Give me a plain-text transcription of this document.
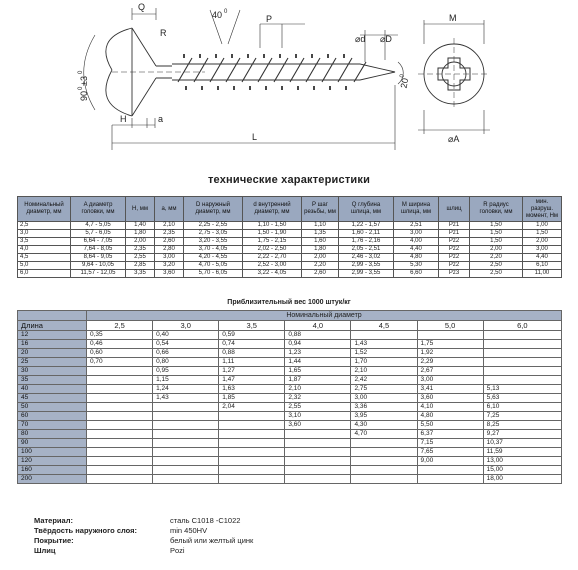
Q
R
40 0
P
⌀d ⌀D
M
90
0
±3
0
20
0
H	a
L	⌀A
технические характеристики
Номинальный диаметр, мм	A диаметр головки, мм	H, мм	a, мм	D наружный диаметр, мм	d внутренний диаметр, мм	P шаг резьбы, мм	Q глубина шлица, мм	M ширина шлица, мм	шлиц	R радиус головки, мм	мин. разруш. момент, Нм
2,5	4,7 - 5,05	1,40	2,10	2,25 - 2,55	1,10 - 1,50	1,10	1,22 - 1,57	2,51	Pz1	1,50	1,00
3,0	5,7 - 6,05	1,80	2,35	2,75 - 3,05	1,50 - 1,90	1,35	1,60 - 2,11	3,00	Pz1	1,50	1,50
3,5	6,64 - 7,05	2,00	2,60	3,20 - 3,55	1,75 - 2,15	1,60	1,76 - 2,16	4,00	Pz2	1,50	2,00
4,0	7,64 - 8,05	2,35	2,80	3,70 - 4,05	2,02 - 2,50	1,80	2,05 - 2,51	4,40	Pz2	2,00	3,00
4,5	8,64 - 9,05	2,55	3,00	4,20 - 4,55	2,22 - 2,70	2,00	2,46 - 3,02	4,80	Pz2	2,20	4,40
5,0	9,64 - 10,05	2,85	3,20	4,70 - 5,05	2,52 - 3,00	2,20	2,99 - 3,55	5,30	Pz2	2,50	6,10
6,0	11,57 - 12,05	3,35	3,60	5,70 - 6,05	3,22 - 4,05	2,60	2,99 - 3,55	6,60	Pz3	2,50	11,00
Приблизительный вес 1000 штук/кг
	Номинальный диаметр						
Длина	2,5	3,0	3,5	4,0	4,5	5,0	6,0
12	0,35	0,40	0,59	0,88			
16	0,46	0,54	0,74	0,94	1,43	1,75	
20	0,60	0,66	0,88	1,23	1,52	1,92	
25	0,70	0,80	1,11	1,44	1,70	2,29	
30		0,95	1,27	1,65	2,10	2,67	
35		1,15	1,47	1,87	2,42	3,00	
40		1,24	1,63	2,10	2,75	3,41	5,13
45		1,43	1,85	2,32	3,00	3,60	5,63
50			2,04	2,55	3,36	4,10	6,10
60				3,10	3,95	4,80	7,25
70				3,60	4,30	5,50	8,25
80					4,70	6,37	9,27
90						7,15	10,37
100						7,65	11,59
120						9,00	13,00
160							15,00
200							18,00
Материал:	сталь С1018 -С1022
Твёрдость наружного слоя:	min 450HV
Покрытие:	белый или желтый цинк
Шлиц	Pozi
